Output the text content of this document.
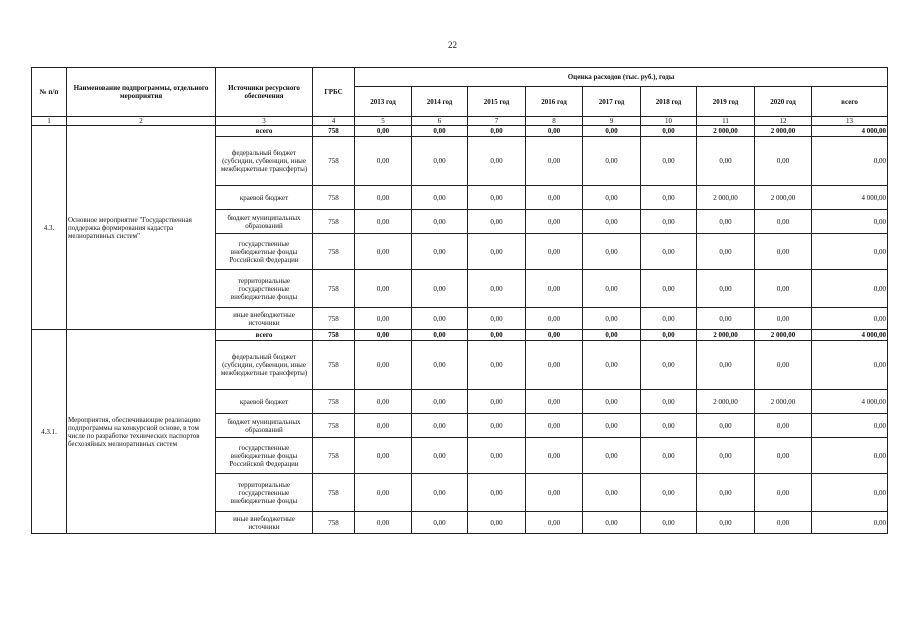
22
№ п/п	Наименование подпрограммы, отдельного мероприятия	Источники ресурсного обеспечения	ГРБС	Оценка расходов (тыс. руб.), годы								
				2013 год	2014 год	2015 год	2016 год	2017 год	2018 год	2019 год	2020 год	всего
1	2	3	4	5	6	7	8	9	10	11	12	13
4.3.	Основное мероприятие "Государственная поддержка формирования кадастра мелиоративных систем"	всего	758	0,00	0,00	0,00	0,00	0,00	0,00	2 000,00	2 000,00	4 000,00
		федеральный бюджет (субсидии, субвенции, иные межбюджетные трансферты)	758	0,00	0,00	0,00	0,00	0,00	0,00	0,00	0,00	0,00
		краевой бюджет	758	0,00	0,00	0,00	0,00	0,00	0,00	2 000,00	2 000,00	4 000,00
		бюджет муниципальных образований	758	0,00	0,00	0,00	0,00	0,00	0,00	0,00	0,00	0,00
		государственные внебюджетные фонды Российской Федерации	758	0,00	0,00	0,00	0,00	0,00	0,00	0,00	0,00	0,00
		территориальные государственные внебюджетные фонды	758	0,00	0,00	0,00	0,00	0,00	0,00	0,00	0,00	0,00
		иные внебюджетные источники	758	0,00	0,00	0,00	0,00	0,00	0,00	0,00	0,00	0,00
4.3.1.	Мероприятия, обеспечивающие реализацию подпрограммы на конкурсной основе, в том числе по разработке технических паспортов бесхозяйных мелиоративных систем	всего	758	0,00	0,00	0,00	0,00	0,00	0,00	2 000,00	2 000,00	4 000,00
		федеральный бюджет (субсидии, субвенции, иные межбюджетные трансферты)	758	0,00	0,00	0,00	0,00	0,00	0,00	0,00	0,00	0,00
		краевой бюджет	758	0,00	0,00	0,00	0,00	0,00	0,00	2 000,00	2 000,00	4 000,00
		бюджет муниципальных образований	758	0,00	0,00	0,00	0,00	0,00	0,00	0,00	0,00	0,00
		государственные внебюджетные фонды Российской Федерации	758	0,00	0,00	0,00	0,00	0,00	0,00	0,00	0,00	0,00
		территориальные государственные внебюджетные фонды	758	0,00	0,00	0,00	0,00	0,00	0,00	0,00	0,00	0,00
		иные внебюджетные источники	758	0,00	0,00	0,00	0,00	0,00	0,00	0,00	0,00	0,00
